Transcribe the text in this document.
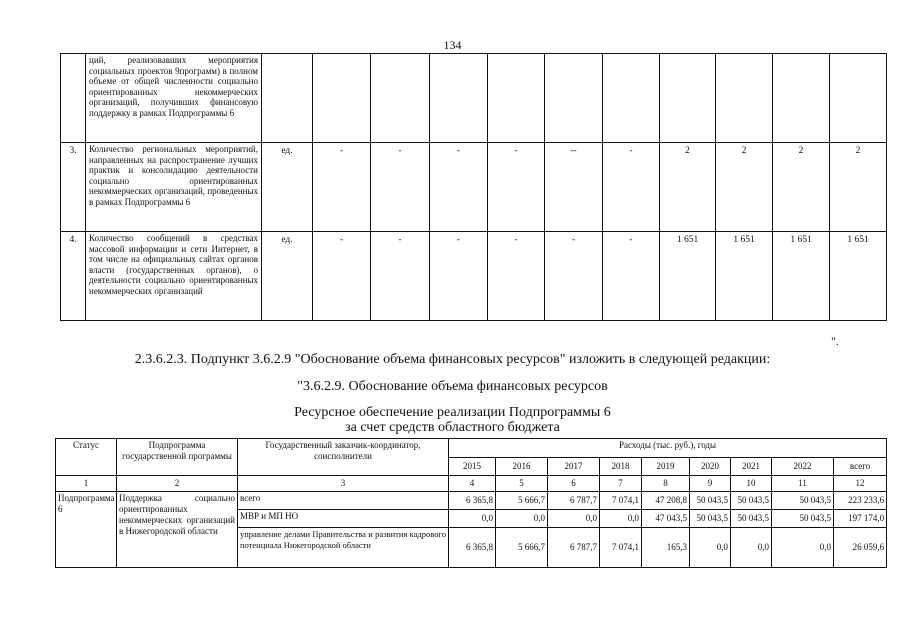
134
	ций, реализовавших мероприятия социальных проектов 9программ) в полном объеме от общей численности социально ориентированных некоммерческих организаций, получивших финансовую поддержку в рамках Подпрограммы 6											
3.	Количество региональных мероприятий, направленных на распространение лучших практик и консолидацию деятельности социально ориентированных некоммерческих организаций, проведенных в рамках Подпрограммы 6	ед.	-	-	-	-	--	-	2	2	2	2
4.	Количество сообщений в средствах массовой информации и сети Интернет, в том числе на официальных сайтах органов власти (государственных органов), о деятельности социально ориентированных некоммерческих организаций	ед.	-	-	-	-	-	-	1 651	1 651	1 651	1 651
".
2.3.6.2.3. Подпункт 3.6.2.9 "Обоснование объема финансовых ресурсов" изложить в следующей редакции:
"3.6.2.9. Обоснование объема финансовых ресурсов
Ресурсное обеспечение реализации Подпрограммы 6
за счет средств областного бюджета
Статус	Подпрограмма государственной программы	Государственный заказчик-координатор, соисполнители	Расходы (тыс. руб.), годы								
			2015	2016	2017	2018	2019	2020	2021	2022	всего
1	2	3	4	5	6	7	8	9	10	11	12
Подпрограмма 6	Поддержка социально ориентированных некоммерческих организаций в Нижегородской области	всего	6 365,8	5 666,7	6 787,7	7 074,1	47 208,8	50 043,5	50 043,5	50 043,5	223 233,6
		МВР и МП НО	0,0	0,0	0,0	0,0	47 043,5	50 043,5	50 043,5	50 043,5	197 174,0
		управление делами Правительства и развития кадрового потенциала Нижегородской области	6 365,8	5 666,7	6 787,7	7 074,1	165,3	0,0	0,0	0,0	26 059,6
